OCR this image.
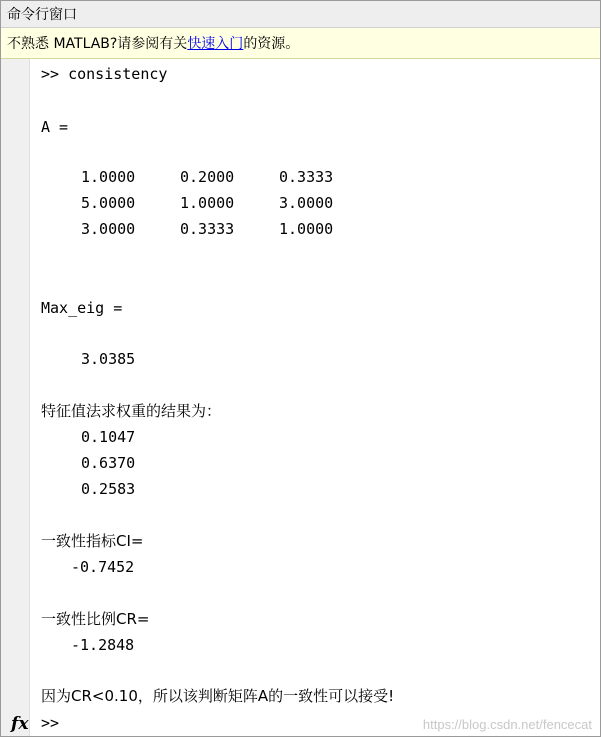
命令行窗口
不熟悉 MATLAB?请参阅有关 快速入门 的资源。
>> consistency
A =
1.0000	0.2000	0.3333
5.0000	1.0000	3.0000
3.0000	0.3333	1.0000
Max_eig =
3.0385
特征值法求权重的结果为：
0.1047
0.6370
0.2583
一致性指标CI=
-0.7452
一致性比例CR=
-1.2848
因为CR<0.10，所以该判断矩阵A的一致性可以接受!
fx >>	https://blog.csdn.net/fencecat
